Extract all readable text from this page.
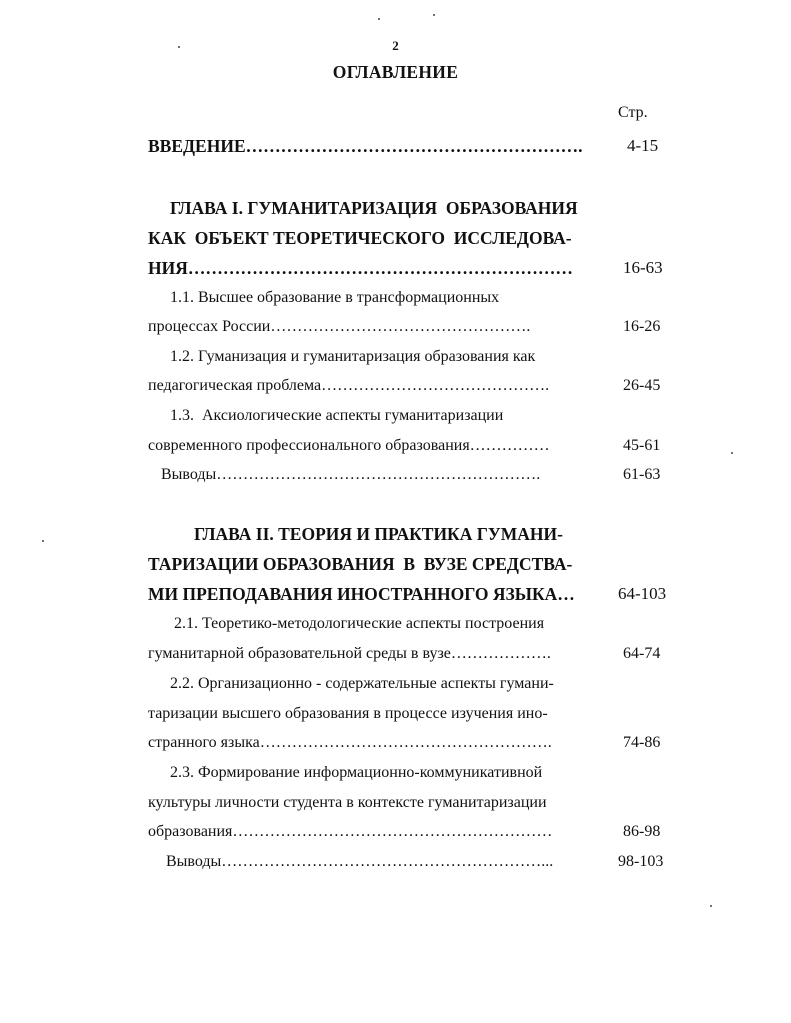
2
ОГЛАВЛЕНИЕ
Стр.
ВВЕДЕНИЕ………………………………………………….	4-15
ГЛАВА I. ГУМАНИТАРИЗАЦИЯ  ОБРАЗОВАНИЯ
КАК  ОБЪЕКТ ТЕОРЕТИЧЕСКОГО  ИССЛЕДОВА-
НИЯ…………………………………………………………	16-63
1.1. Высшее образование в трансформационных
процессах России………………………………………….	16-26
1.2. Гуманизация и гуманитаризация образования как
педагогическая проблема…………………………………….	26-45
1.3.  Аксиологические аспекты гуманитаризации
современного профессионального образования……………	45-61
Выводы…………………………………………………….	61-63
ГЛАВА II. ТЕОРИЯ И ПРАКТИКА ГУМАНИ-
ТАРИЗАЦИИ ОБРАЗОВАНИЯ  В  ВУЗЕ СРЕДСТВА-
МИ ПРЕПОДАВАНИЯ ИНОСТРАННОГО ЯЗЫКА…	64-103
2.1. Теоретико-методологические аспекты построения
гуманитарной образовательной среды в вузе……………….	64-74
2.2. Организационно - содержательные аспекты гумани-
таризации высшего образования в процессе изучения ино-
странного языка……………………………………………….	74-86
2.3. Формирование информационно-коммуникативной
культуры личности студента в контексте гуманитаризации
образования……………………………………………………	86-98
Выводы……………………………………………………...	98-103
